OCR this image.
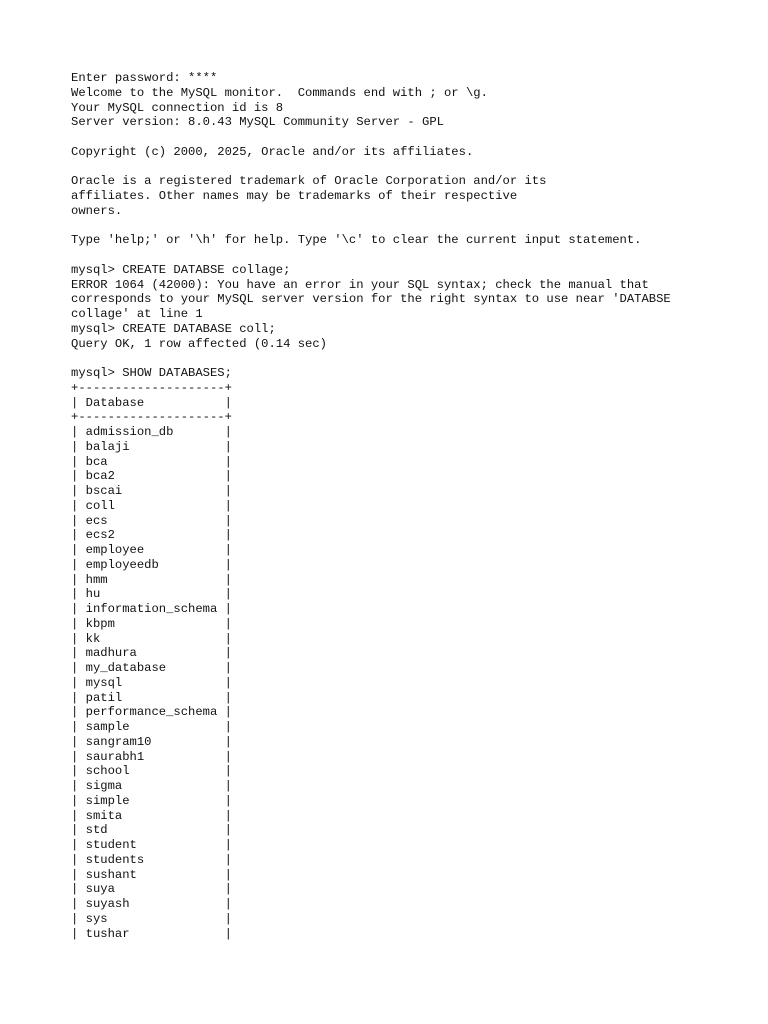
Enter password: ****
Welcome to the MySQL monitor.  Commands end with ; or \g.
Your MySQL connection id is 8
Server version: 8.0.43 MySQL Community Server - GPL
Copyright (c) 2000, 2025, Oracle and/or its affiliates.
Oracle is a registered trademark of Oracle Corporation and/or its
affiliates. Other names may be trademarks of their respective
owners.
Type 'help;' or '\h' for help. Type '\c' to clear the current input statement.
mysql> CREATE DATABSE collage;
ERROR 1064 (42000): You have an error in your SQL syntax; check the manual that
corresponds to your MySQL server version for the right syntax to use near 'DATABSE
collage' at line 1
mysql> CREATE DATABASE coll;
Query OK, 1 row affected (0.14 sec)
mysql> SHOW DATABASES;
+--------------------+
| Database           |
+--------------------+
| admission_db       |
| balaji             |
| bca                |
| bca2               |
| bscai              |
| coll               |
| ecs                |
| ecs2               |
| employee           |
| employeedb         |
| hmm                |
| hu                 |
| information_schema |
| kbpm               |
| kk                 |
| madhura            |
| my_database        |
| mysql              |
| patil              |
| performance_schema |
| sample             |
| sangram10          |
| saurabh1           |
| school             |
| sigma              |
| simple             |
| smita              |
| std                |
| student            |
| students           |
| sushant            |
| suya               |
| suyash             |
| sys                |
| tushar             |
